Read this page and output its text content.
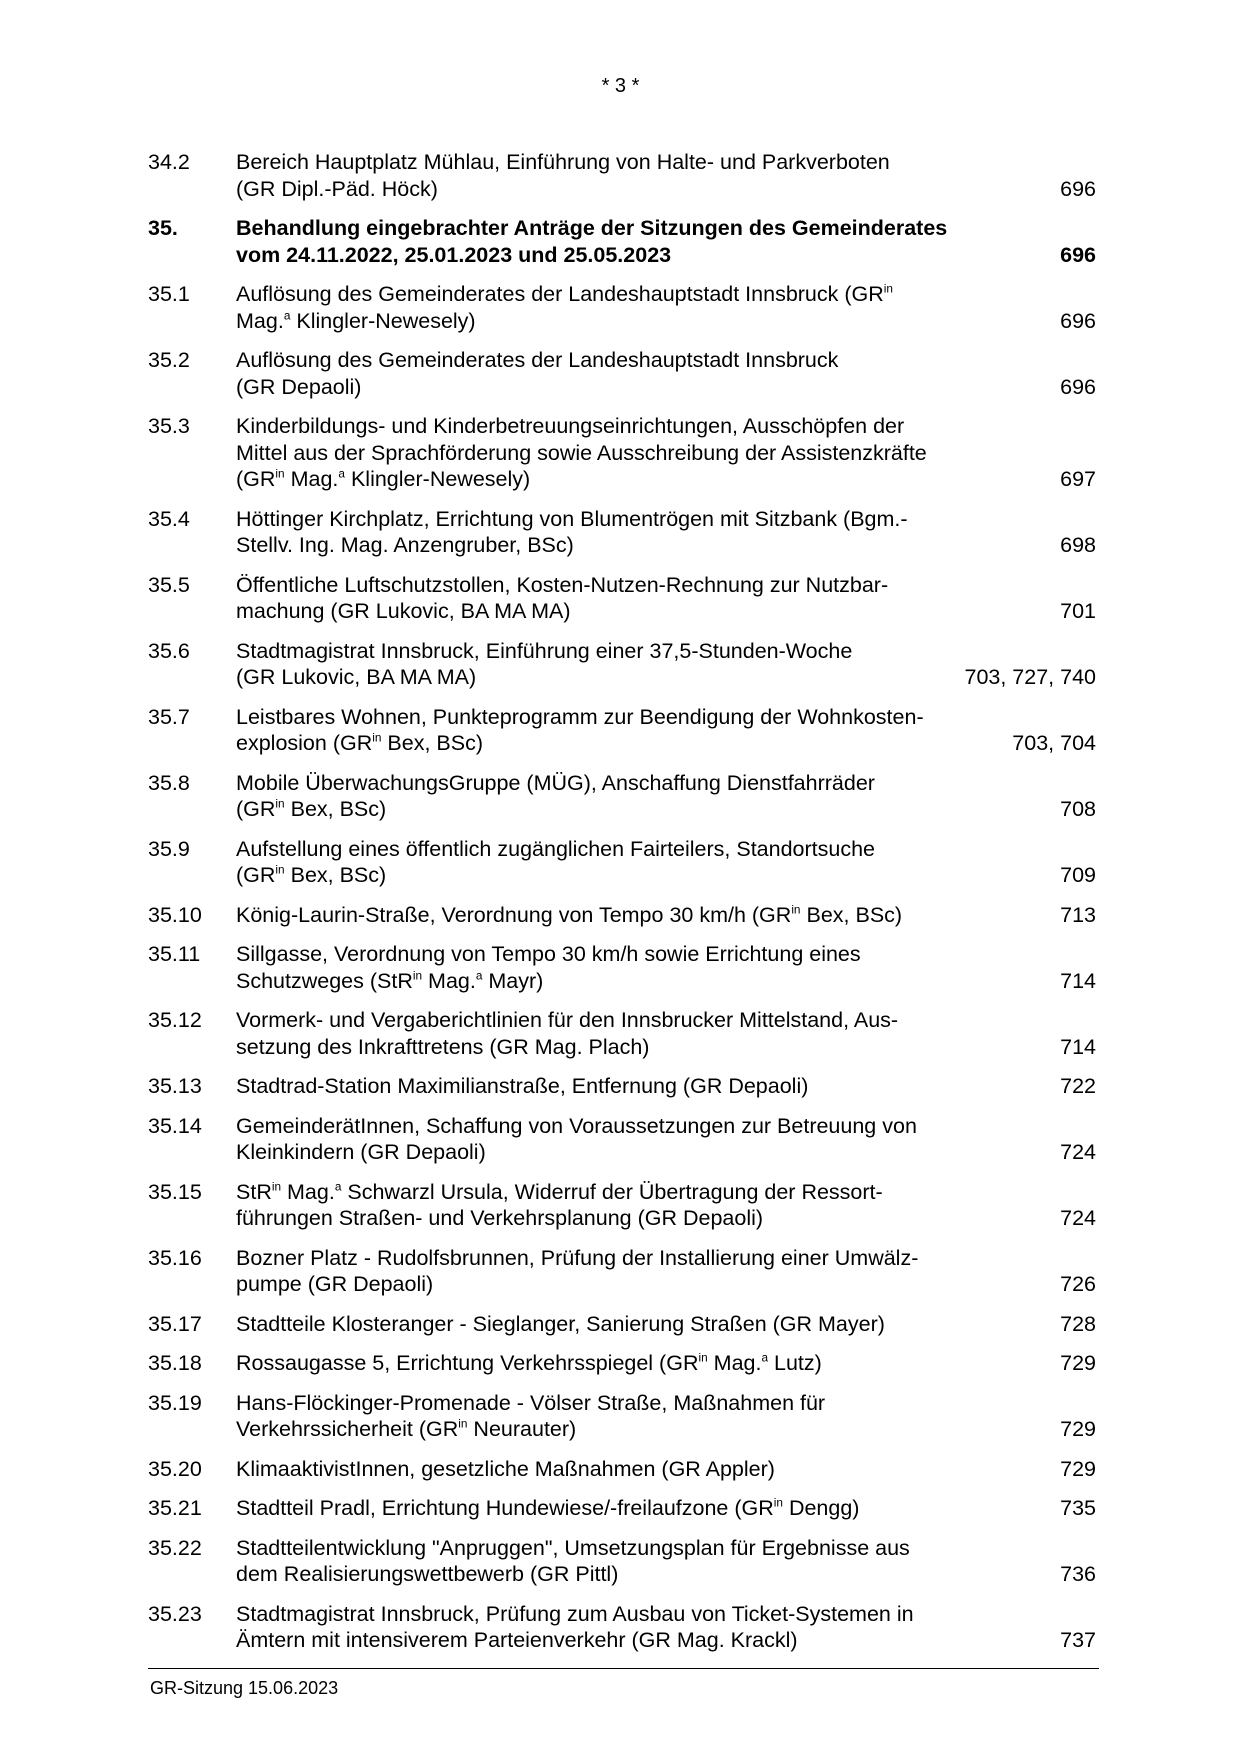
* 3 *
34.2 Bereich Hauptplatz Mühlau, Einführung von Halte- und Parkverboten
(GR Dipl.-Päd. Höck)	696
35.	Behandlung eingebrachter Anträge der Sitzungen des Gemeinderates
vom 24.11.2022, 25.01.2023 und 25.05.2023	696
35.1 Auflösung des Gemeinderates der Landeshauptstadt Innsbruck ($GR^{in}$
Mag.$^a$ Klingler-Newesely)	696
35.2 Auflösung des Gemeinderates der Landeshauptstadt Innsbruck
(GR Depaoli)	696
35.3 Kinderbildungs- und Kinderbetreuungseinrichtungen, Ausschöpfen der
Mittel aus der Sprachförderung sowie Ausschreibung der Assistenzkräfte
($GR^{in}$ Mag.$^a$ Klingler-Newesely)	697
35.4 Höttinger Kirchplatz, Errichtung von Blumentrögen mit Sitzbank (Bgm.-
Stellv. Ing. Mag. Anzengruber, BSc)	698
35.5 Öffentliche Luftschutzstollen, Kosten-Nutzen-Rechnung zur Nutzbar-
machung (GR Lukovic, BA MA MA)	701
35.6 Stadtmagistrat Innsbruck, Einführung einer 37,5-Stunden-Woche
(GR Lukovic, BA MA MA)	703, 727, 740
35.7 Leistbares Wohnen, Punkteprogramm zur Beendigung der Wohnkosten-
explosion ($GR^{in}$ Bex, BSc)	703, 704
35.8 Mobile ÜberwachungsGruppe (MÜG), Anschaffung Dienstfahrräder
($GR^{in}$ Bex, BSc)	708
35.9 Aufstellung eines öffentlich zugänglichen Fairteilers, Standortsuche
($GR^{in}$ Bex, BSc)	709
35.10 König-Laurin-Straße, Verordnung von Tempo 30 km/h ($GR^{in}$ Bex, BSc)	713
35.11 Sillgasse, Verordnung von Tempo 30 km/h sowie Errichtung eines
Schutzweges (StR$^{in}$ Mag.$^a$ Mayr)	714
35.12 Vormerk- und Vergaberichtlinien für den Innsbrucker Mittelstand, Aus-
setzung des Inkrafttretens (GR Mag. Plach)	714
35.13 Stadtrad-Station Maximilianstraße, Entfernung (GR Depaoli)	722
35.14 GemeinderätInnen, Schaffung von Voraussetzungen zur Betreuung von
Kleinkindern (GR Depaoli)	724
35.15 StR$^{in}$ Mag.$^a$ Schwarzl Ursula, Widerruf der Übertragung der Ressort-
führungen Straßen- und Verkehrsplanung (GR Depaoli)	724
35.16 Bozner Platz - Rudolfsbrunnen, Prüfung der Installierung einer Umwälz-
pumpe (GR Depaoli)	726
35.17 Stadtteile Klosteranger - Sieglanger, Sanierung Straßen (GR Mayer)	728
35.18 Rossaugasse 5, Errichtung Verkehrsspiegel ($GR^{in}$ Mag.$^a$ Lutz)	729
35.19 Hans-Flöckinger-Promenade - Völser Straße, Maßnahmen für
Verkehrssicherheit ($GR^{in}$ Neurauter)	729
35.20 KlimaaktivistInnen, gesetzliche Maßnahmen (GR Appler)	729
35.21 Stadtteil Pradl, Errichtung Hundewiese/-freilaufzone ($GR^{in}$ Dengg)	735
35.22 Stadtteilentwicklung "Anpruggen", Umsetzungsplan für Ergebnisse aus
dem Realisierungswettbewerb (GR Pittl)	736
35.23 Stadtmagistrat Innsbruck, Prüfung zum Ausbau von Ticket-Systemen in
Ämtern mit intensiverem Parteienverkehr (GR Mag. Krackl)	737
GR-Sitzung 15.06.2023
